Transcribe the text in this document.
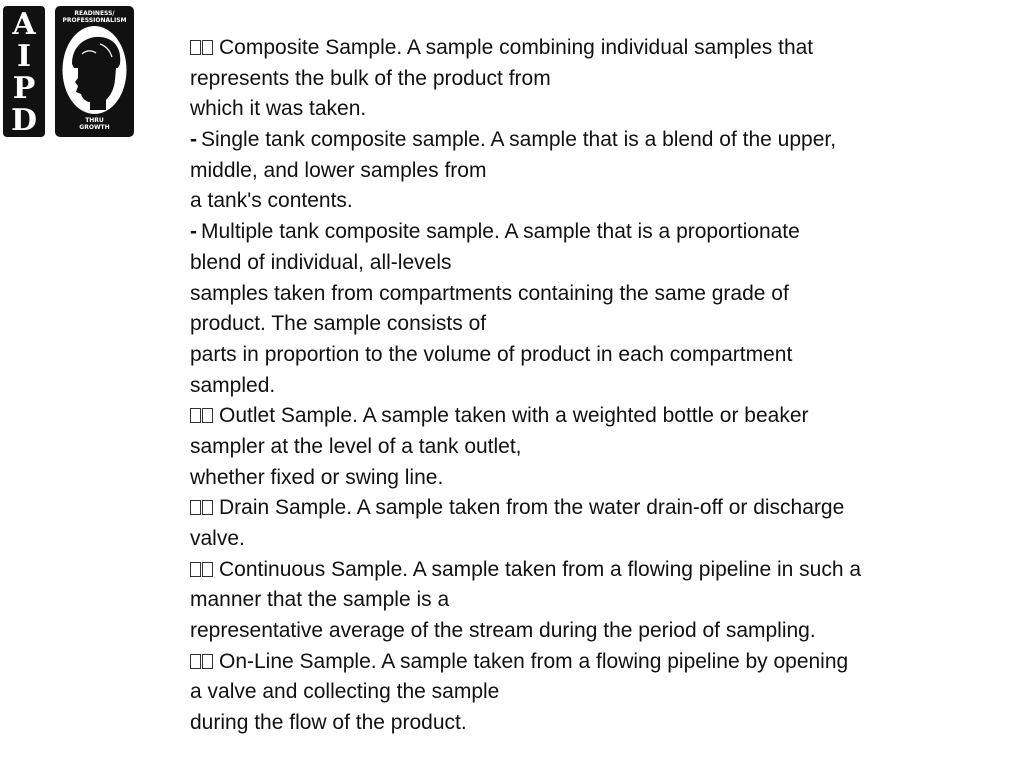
A
I
P
D
READINESS/
PROFESSIONALISM
THRU
GROWTH
Composite Sample. A sample combining individual samples that
represents the bulk of the product from
which it was taken.
- Single tank composite sample. A sample that is a blend of the upper,
middle, and lower samples from
a tank's contents.
- Multiple tank composite sample. A sample that is a proportionate
blend of individual, all-levels
samples taken from compartments containing the same grade of
product. The sample consists of
parts in proportion to the volume of product in each compartment
sampled.
Outlet Sample. A sample taken with a weighted bottle or beaker
sampler at the level of a tank outlet,
whether fixed or swing line.
Drain Sample. A sample taken from the water drain-off or discharge
valve.
Continuous Sample. A sample taken from a flowing pipeline in such a
manner that the sample is a
representative average of the stream during the period of sampling.
On-Line Sample. A sample taken from a flowing pipeline by opening
a valve and collecting the sample
during the flow of the product.
